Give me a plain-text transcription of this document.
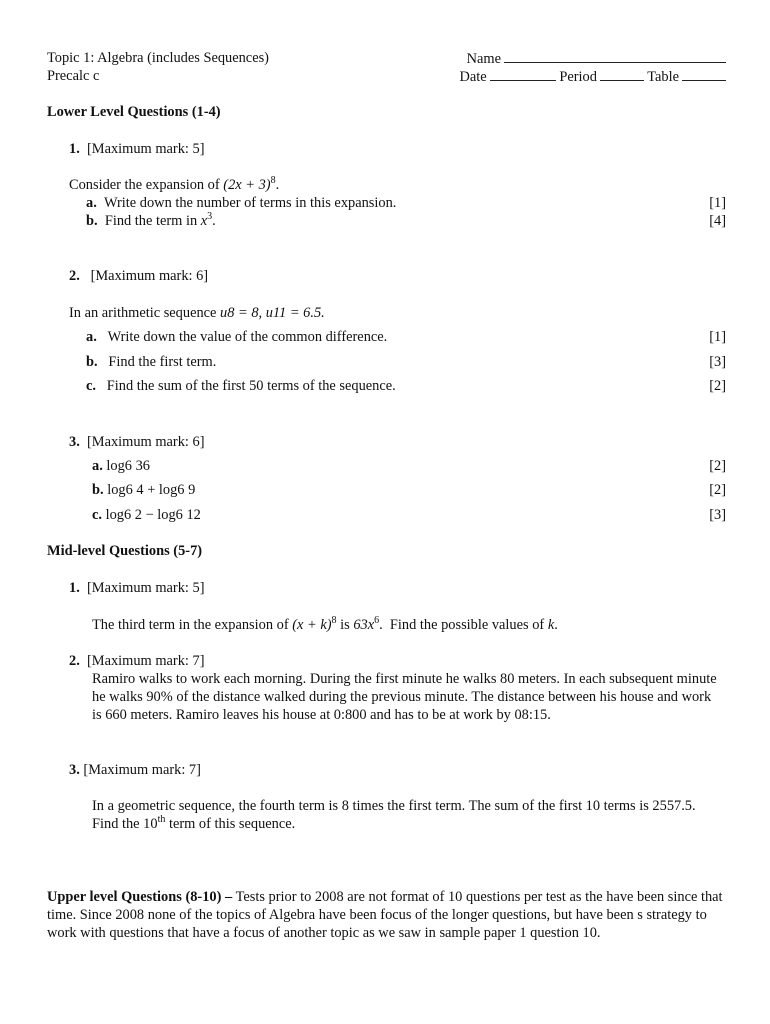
Topic 1: Algebra (includes Sequences)
Precalc c
Name
Date	Period	Table
Lower Level Questions (1-4)
1. [Maximum mark: 5]
Consider the expansion of $(2x + 3)^8$.
a. Write down the number of terms in this expansion.	[1]
b. Find the term in $x^3$.	[4]
2. [Maximum mark: 6]
In an arithmetic sequence u8 = 8, u11 = 6.5.
a. Write down the value of the common difference.	[1]
b. Find the first term.	[3]
c. Find the sum of the first 50 terms of the sequence.	[2]
3. [Maximum mark: 6]
a. log6 36	[2]
b. log6 4 + log6 9	[2]
c. log6 2 − log6 12	[3]
Mid-level Questions (5-7)
1. [Maximum mark: 5]
The third term in the expansion of $(x + k)^8$ is $63x^6$.  Find the possible values of k.
2. [Maximum mark: 7]
Ramiro walks to work each morning. During the first minute he walks 80 meters. In each subsequent minute he walks 90% of the distance walked during the previous minute. The distance between his house and work is 660 meters. Ramiro leaves his house at 0:800 and has to be at work by 08:15.
3. [Maximum mark: 7]
In a geometric sequence, the fourth term is 8 times the first term. The sum of the first 10 terms is 2557.5. Find the 10th term of this sequence.
Upper level Questions (8-10) – Tests prior to 2008 are not format of 10 questions per test as the have been since that time. Since 2008 none of the topics of Algebra have been focus of the longer questions, but have been s strategy to work with questions that have a focus of another topic as we saw in sample paper 1 question 10.
